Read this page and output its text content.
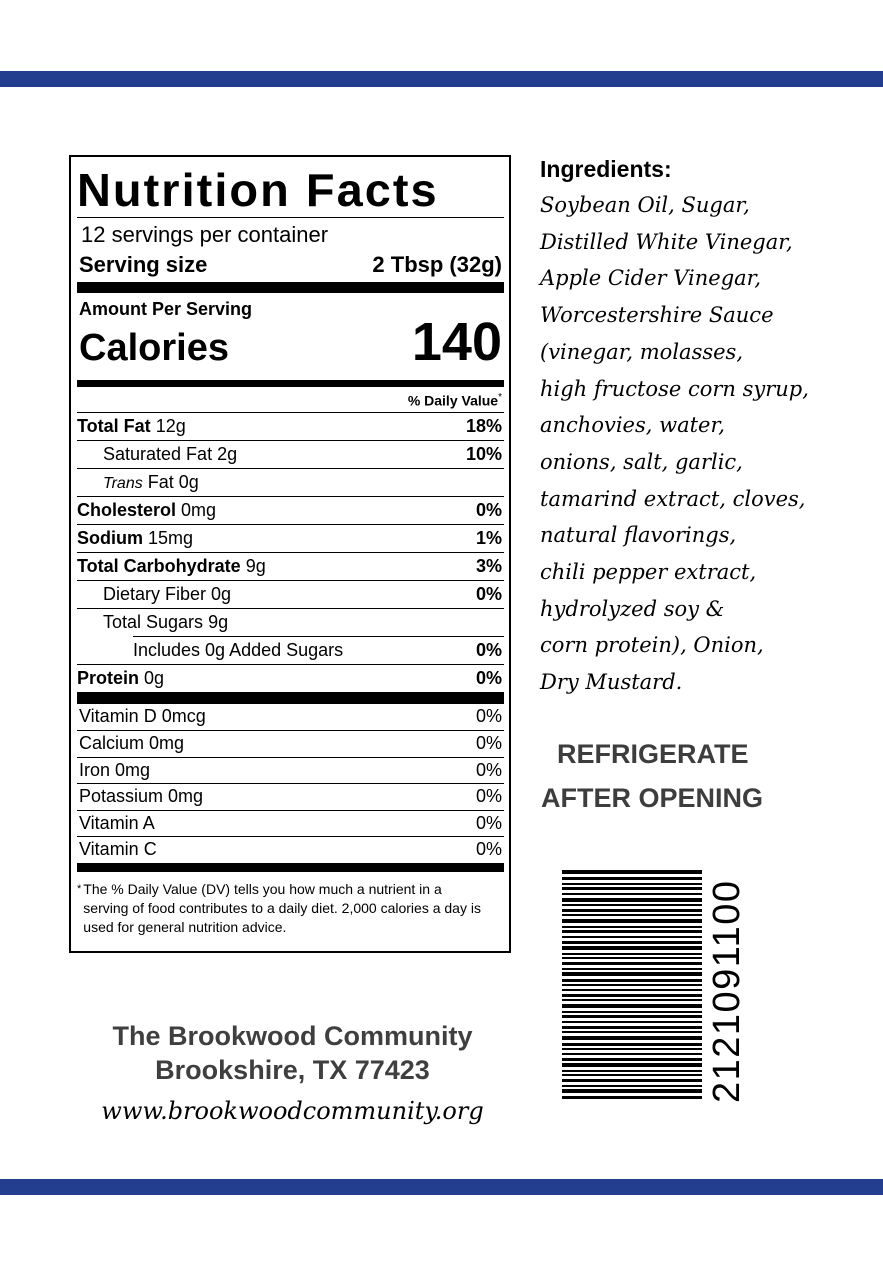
Nutrition Facts
12 servings per container
Serving size	2 Tbsp (32g)
Amount Per Serving
Calories	140
% Daily Value*
Total Fat 12g	18%
Saturated Fat 2g	10%
Trans Fat 0g
Cholesterol 0mg	0%
Sodium 15mg	1%
Total Carbohydrate 9g	3%
Dietary Fiber 0g	0%
Total Sugars 9g
Includes 0g Added Sugars	0%
Protein 0g	0%
Vitamin D 0mcg	0%
Calcium 0mg	0%
Iron 0mg	0%
Potassium 0mg	0%
Vitamin A	0%
Vitamin C	0%
* The % Daily Value (DV) tells you how much a nutrient in a serving of food contributes to a daily diet. 2,000 calories a day is used for general nutrition advice.
Ingredients:
Soybean Oil, Sugar,
Distilled White Vinegar,
Apple Cider Vinegar,
Worcestershire Sauce
(vinegar, molasses,
high fructose corn syrup,
anchovies, water,
onions, salt, garlic,
tamarind extract, cloves,
natural flavorings,
chili pepper extract,
hydrolyzed soy &
corn protein), Onion,
Dry Mustard.
REFRIGERATE
AFTER OPENING
The Brookwood Community
Brookshire, TX 77423
www.brookwoodcommunity.org
2121091100
